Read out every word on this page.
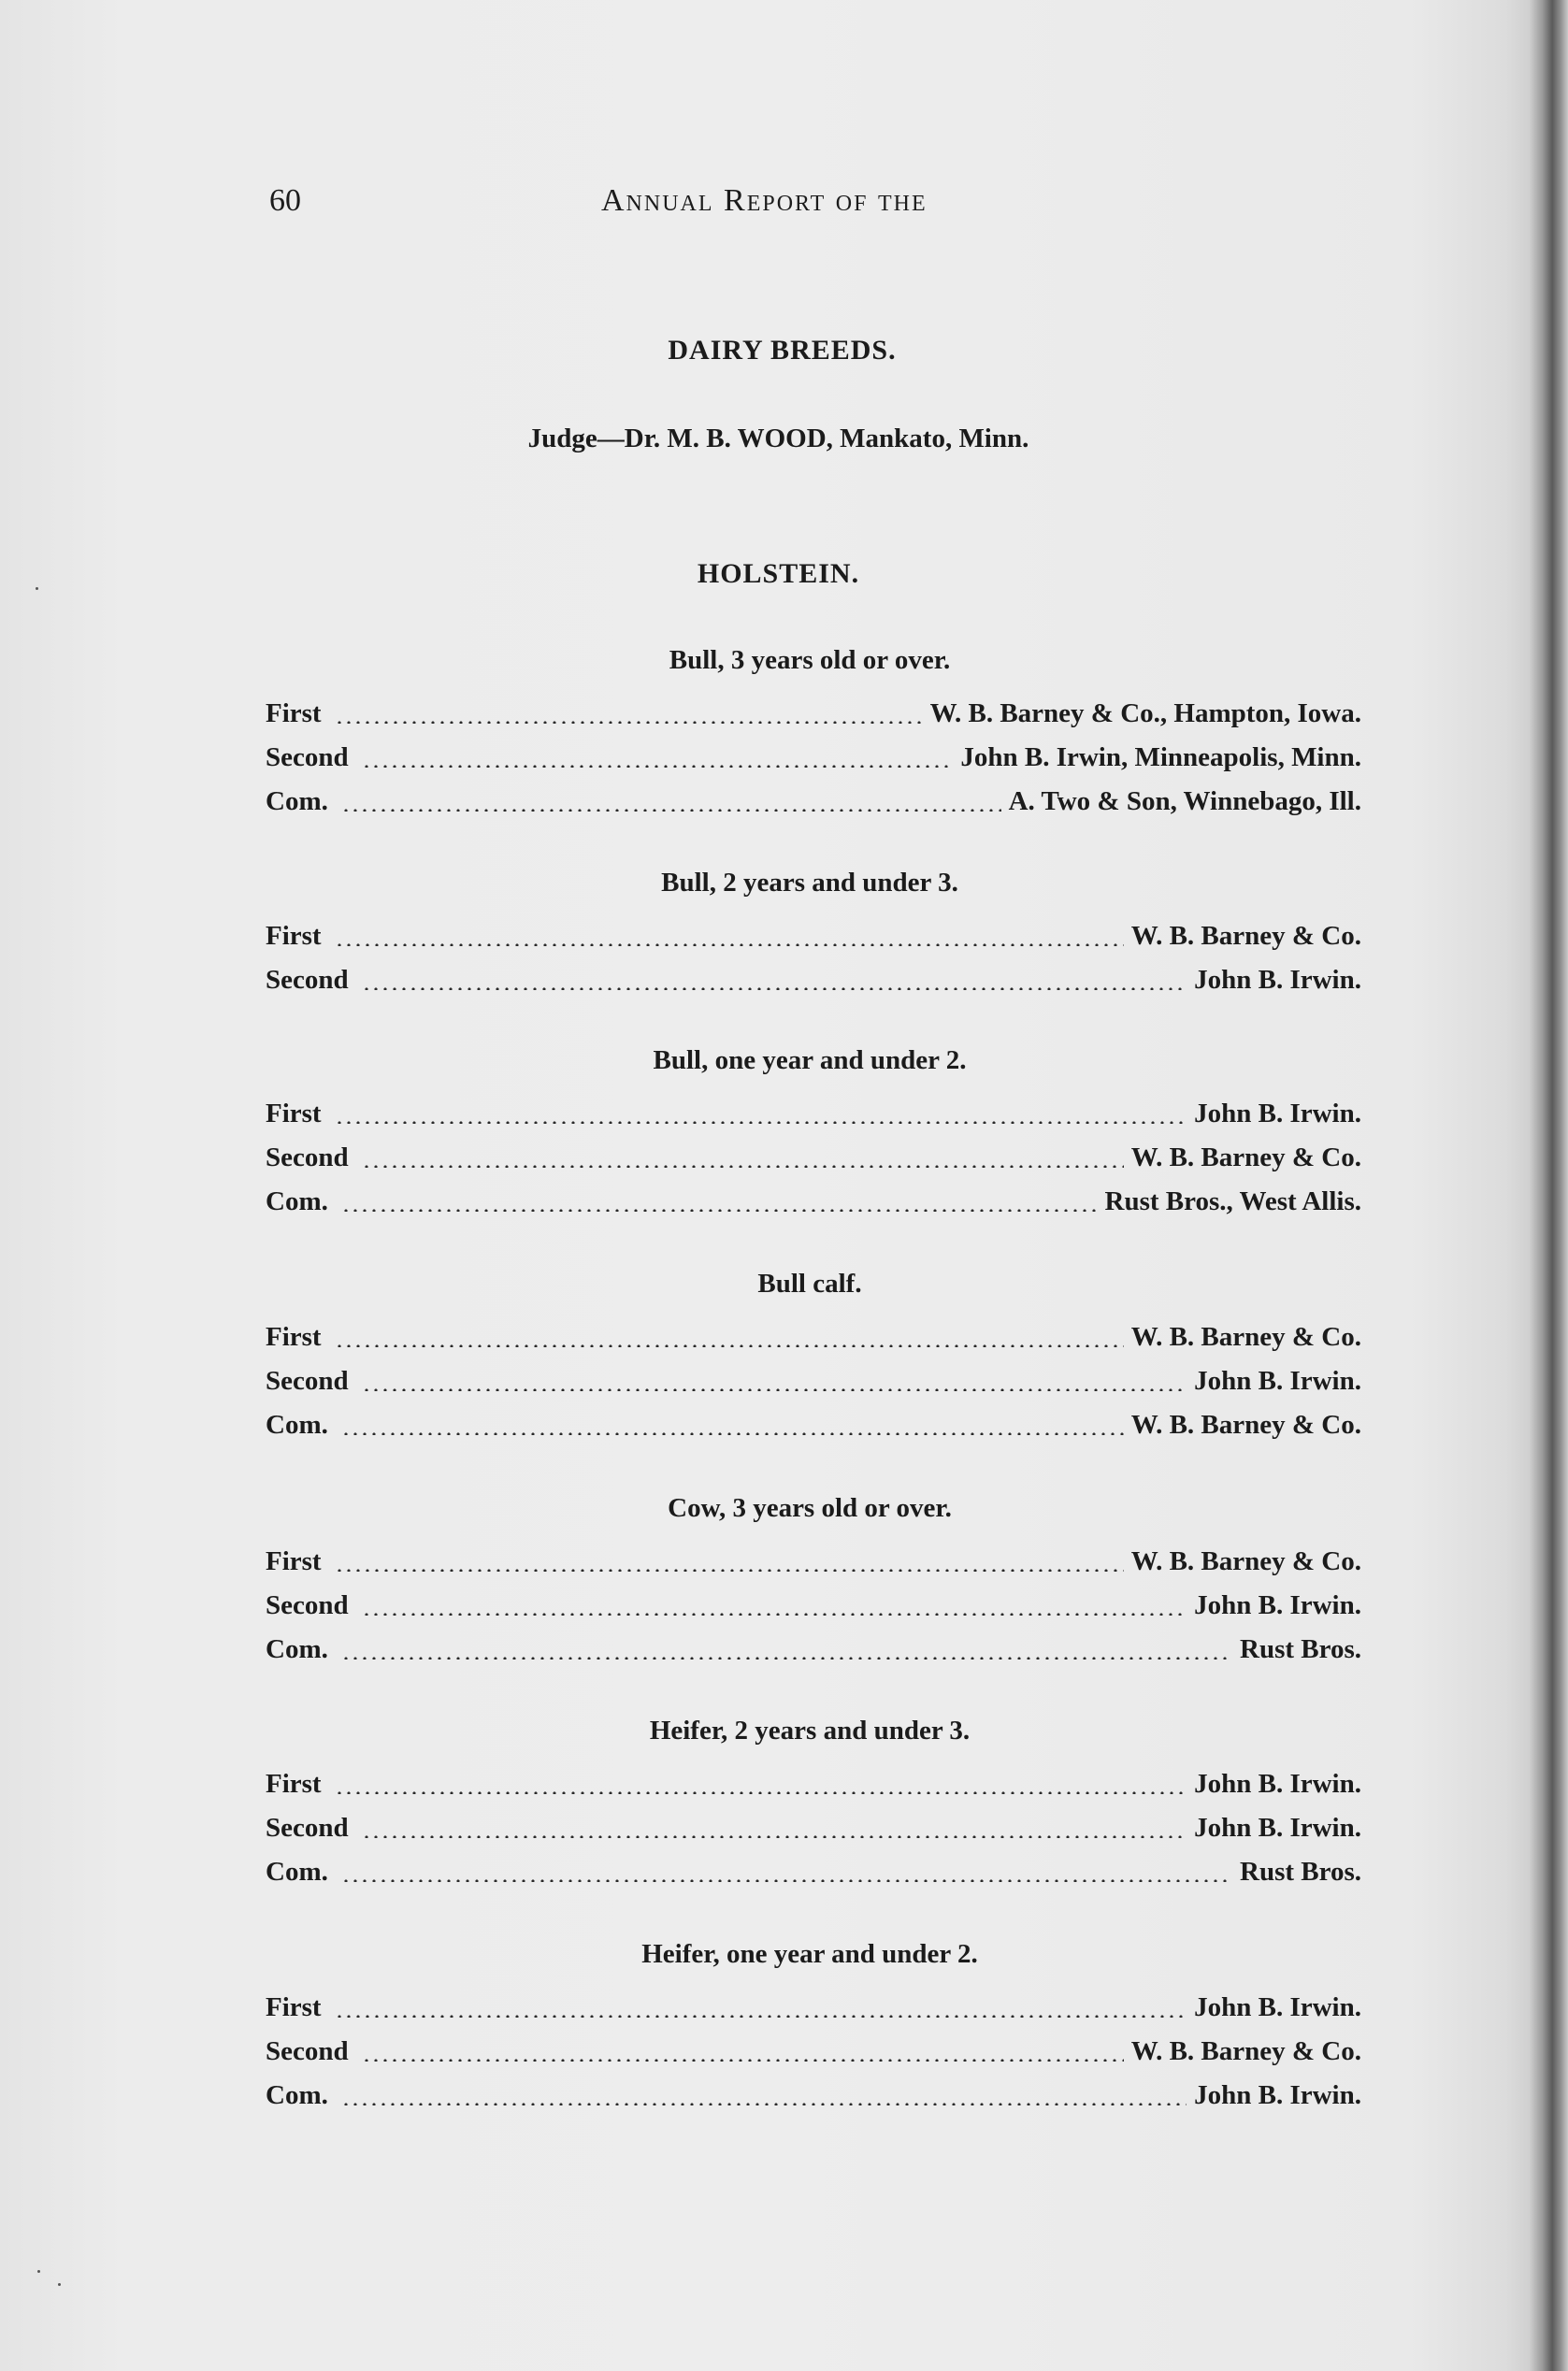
60	Annual Report of the
DAIRY BREEDS.
Judge—Dr. M. B. WOOD, Mankato, Minn.
HOLSTEIN.
Bull, 3 years old or over.
First	W. B. Barney & Co., Hampton, Iowa.
Second	John B. Irwin, Minneapolis, Minn.
Com.	A. Two & Son, Winnebago, Ill.
Bull, 2 years and under 3.
First	W. B. Barney & Co.
Second	John B. Irwin.
Bull, one year and under 2.
First	John B. Irwin.
Second	W. B. Barney & Co.
Com.	Rust Bros., West Allis.
Bull calf.
First	W. B. Barney & Co.
Second	John B. Irwin.
Com.	W. B. Barney & Co.
Cow, 3 years old or over.
First	W. B. Barney & Co.
Second	John B. Irwin.
Com.	Rust Bros.
Heifer, 2 years and under 3.
First	John B. Irwin.
Second	John B. Irwin.
Com.	Rust Bros.
Heifer, one year and under 2.
First	John B. Irwin.
Second	W. B. Barney & Co.
Com.	John B. Irwin.
